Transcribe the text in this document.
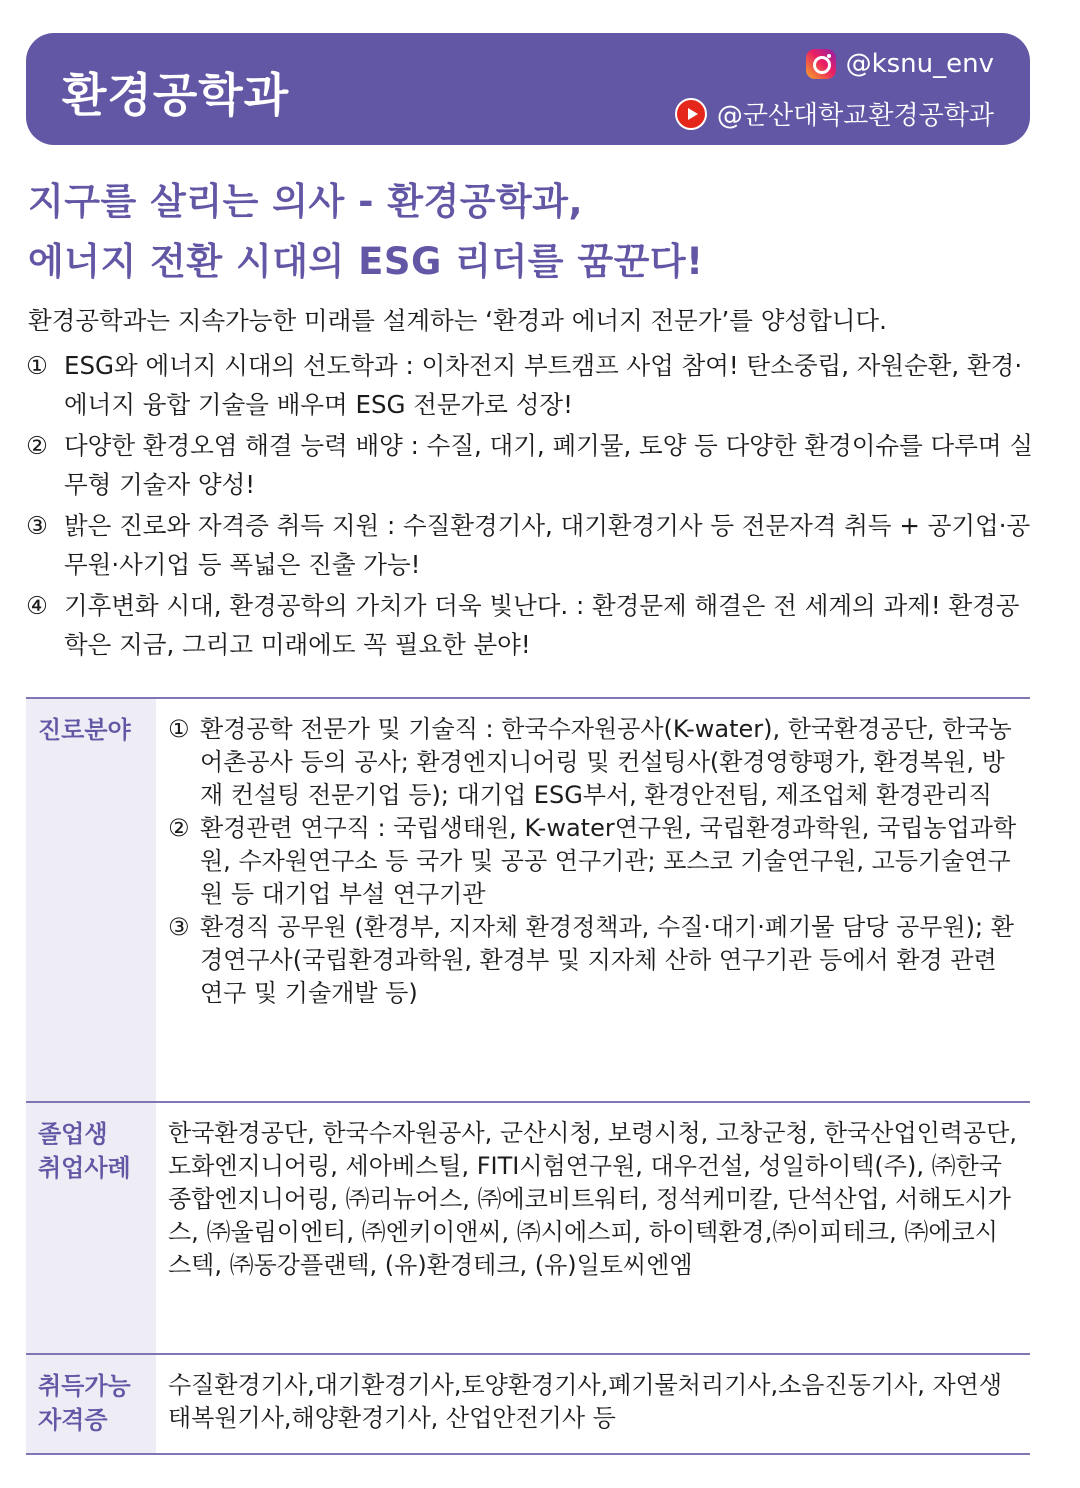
환경공학과
@ksnu_env
@군산대학교환경공학과
지구를 살리는 의사 - 환경공학과,
에너지 전환 시대의 ESG 리더를 꿈꾼다!
환경공학과는 지속가능한 미래를 설계하는 ‘환경과 에너지 전문가’를 양성합니다.
① ESG와 에너지 시대의 선도학과 : 이차전지 부트캠프 사업 참여! 탄소중립, 자원순환, 환경·에너지 융합 기술을 배우며 ESG 전문가로 성장!
② 다양한 환경오염 해결 능력 배양 : 수질, 대기, 폐기물, 토양 등 다양한 환경이슈를 다루며 실무형 기술자 양성!
③ 밝은 진로와 자격증 취득 지원 : 수질환경기사, 대기환경기사 등 전문자격 취득 + 공기업·공무원·사기업 등 폭넓은 진출 가능!
④ 기후변화 시대, 환경공학의 가치가 더욱 빛난다. : 환경문제 해결은 전 세계의 과제! 환경공학은 지금, 그리고 미래에도 꼭 필요한 분야!
진로분야	① 환경공학 전문가 및 기술직 : 한국수자원공사(K-water), 한국환경공단, 한국농어촌공사 등의 공사; 환경엔지니어링 및 컨설팅사(환경영향평가, 환경복원, 방재 컨설팅 전문기업 등); 대기업 ESG부서, 환경안전팀, 제조업체 환경관리직
② 환경관련 연구직 : 국립생태원, K-water연구원, 국립환경과학원, 국립농업과학원, 수자원연구소 등 국가 및 공공 연구기관; 포스코 기술연구원, 고등기술연구원 등 대기업 부설 연구기관
③ 환경직 공무원 (환경부, 지자체 환경정책과, 수질·대기·폐기물 담당 공무원); 환경연구사(국립환경과학원, 환경부 및 지자체 산하 연구기관 등에서 환경 관련 연구 및 기술개발 등)
졸업생
취업사례
한국환경공단, 한국수자원공사, 군산시청, 보령시청, 고창군청, 한국산업인력공단, 도화엔지니어링, 세아베스틸, FITI시험연구원, 대우건설, 성일하이텍(주), ㈜한국종합엔지니어링, ㈜리뉴어스, ㈜에코비트워터, 정석케미칼, 단석산업, 서해도시가스, ㈜울림이엔티, ㈜엔키이앤씨, ㈜시에스피, 하이텍환경,㈜이피테크, ㈜에코시스텍, ㈜동강플랜텍, (유)환경테크, (유)일토씨엔엠
취득가능
자격증
수질환경기사,대기환경기사,토양환경기사,폐기물처리기사,소음진동기사, 자연생태복원기사,해양환경기사, 산업안전기사 등
